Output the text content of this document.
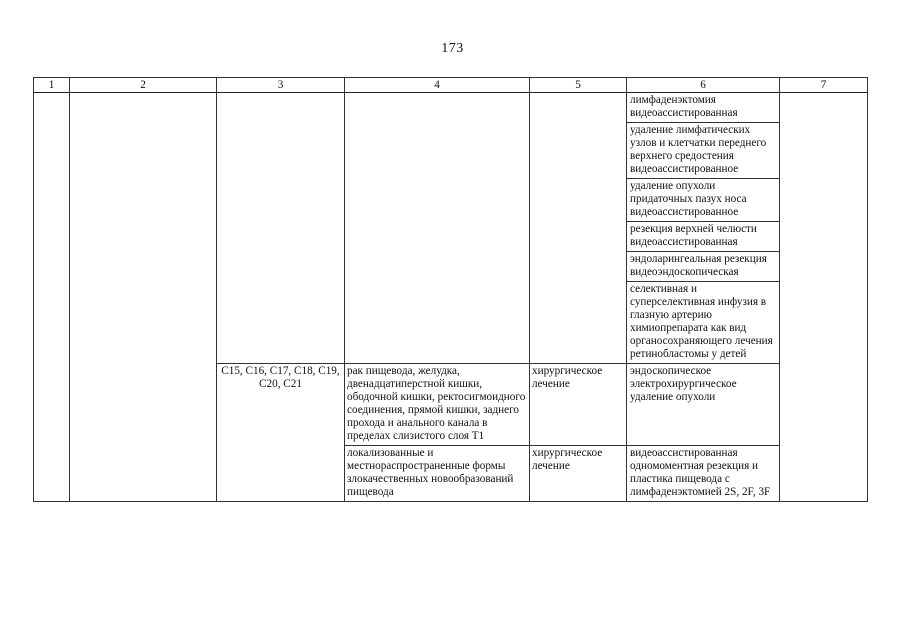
173
1	2	3	4	5	6	7
					лимфаденэктомия видеоассистированная	
					удаление лимфатических узлов и клетчатки переднего верхнего средостения видеоассистированное	
					удаление опухоли придаточных пазух носа видеоассистированное	
					резекция верхней челюсти видеоассистированная	
					эндоларингеальная резекция видеоэндоскопическая	
					селективная и суперселективная инфузия в глазную артерию химиопрепарата как вид органосохраняющего лечения ретинобластомы у детей	
		C15, C16, C17, C18, C19, C20, C21	рак пищевода, желудка, двенадцатиперстной кишки, ободочной кишки, ректосигмоидного соединения, прямой кишки, заднего прохода и анального канала в пределах слизистого слоя T1	хирургическое лечение	эндоскопическое электрохирургическое удаление опухоли	
			локализованные и местнораспространенные формы злокачественных новообразований пищевода	хирургическое лечение	видеоассистированная одномоментная резекция и пластика пищевода с лимфаденэктомией 2S, 2F, 3F	
